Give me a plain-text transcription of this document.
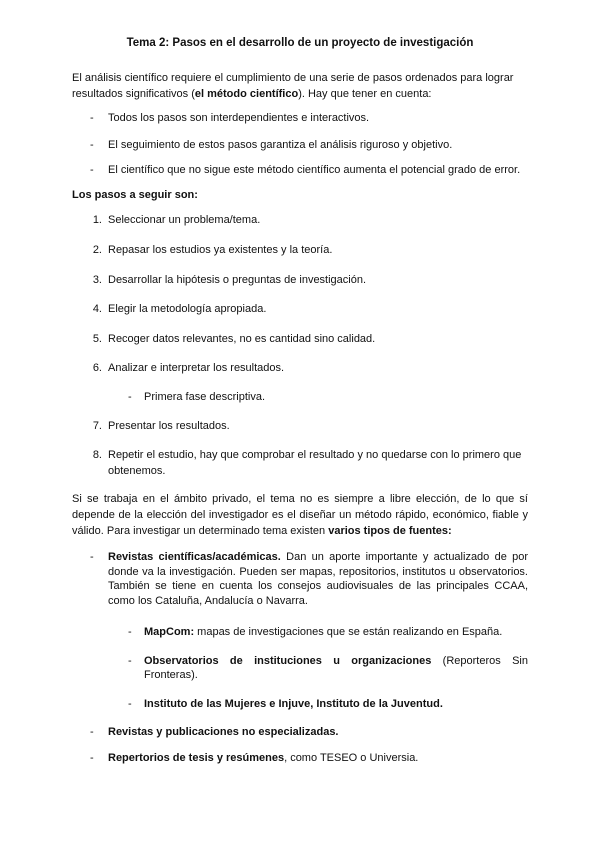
Tema 2: Pasos en el desarrollo de un proyecto de investigación
El análisis científico requiere el cumplimiento de una serie de pasos ordenados para lograr resultados significativos (el método científico). Hay que tener en cuenta:
- Todos los pasos son interdependientes e interactivos.
- El seguimiento de estos pasos garantiza el análisis riguroso y objetivo.
- El científico que no sigue este método científico aumenta el potencial grado de error.
Los pasos a seguir son:
1. Seleccionar un problema/tema.
2. Repasar los estudios ya existentes y la teoría.
3. Desarrollar la hipótesis o preguntas de investigación.
4. Elegir la metodología apropiada.
5. Recoger datos relevantes, no es cantidad sino calidad.
6. Analizar e interpretar los resultados.
- Primera fase descriptiva.
7. Presentar los resultados.
8. Repetir el estudio, hay que comprobar el resultado y no quedarse con lo primero que obtenemos.
Si se trabaja en el ámbito privado, el tema no es siempre a libre elección, de lo que sí depende de la elección del investigador es el diseñar un método rápido, económico, fiable y válido. Para investigar un determinado tema existen varios tipos de fuentes:
- Revistas científicas/académicas. Dan un aporte importante y actualizado de por donde va la investigación. Pueden ser mapas, repositorios, institutos u observatorios. También se tiene en cuenta los consejos audiovisuales de las principales CCAA, como los Cataluña, Andalucía o Navarra.
- MapCom: mapas de investigaciones que se están realizando en España.
- Observatorios de instituciones u organizaciones (Reporteros Sin Fronteras).
- Instituto de las Mujeres e Injuve, Instituto de la Juventud.
- Revistas y publicaciones no especializadas.
- Repertorios de tesis y resúmenes, como TESEO o Universia.
